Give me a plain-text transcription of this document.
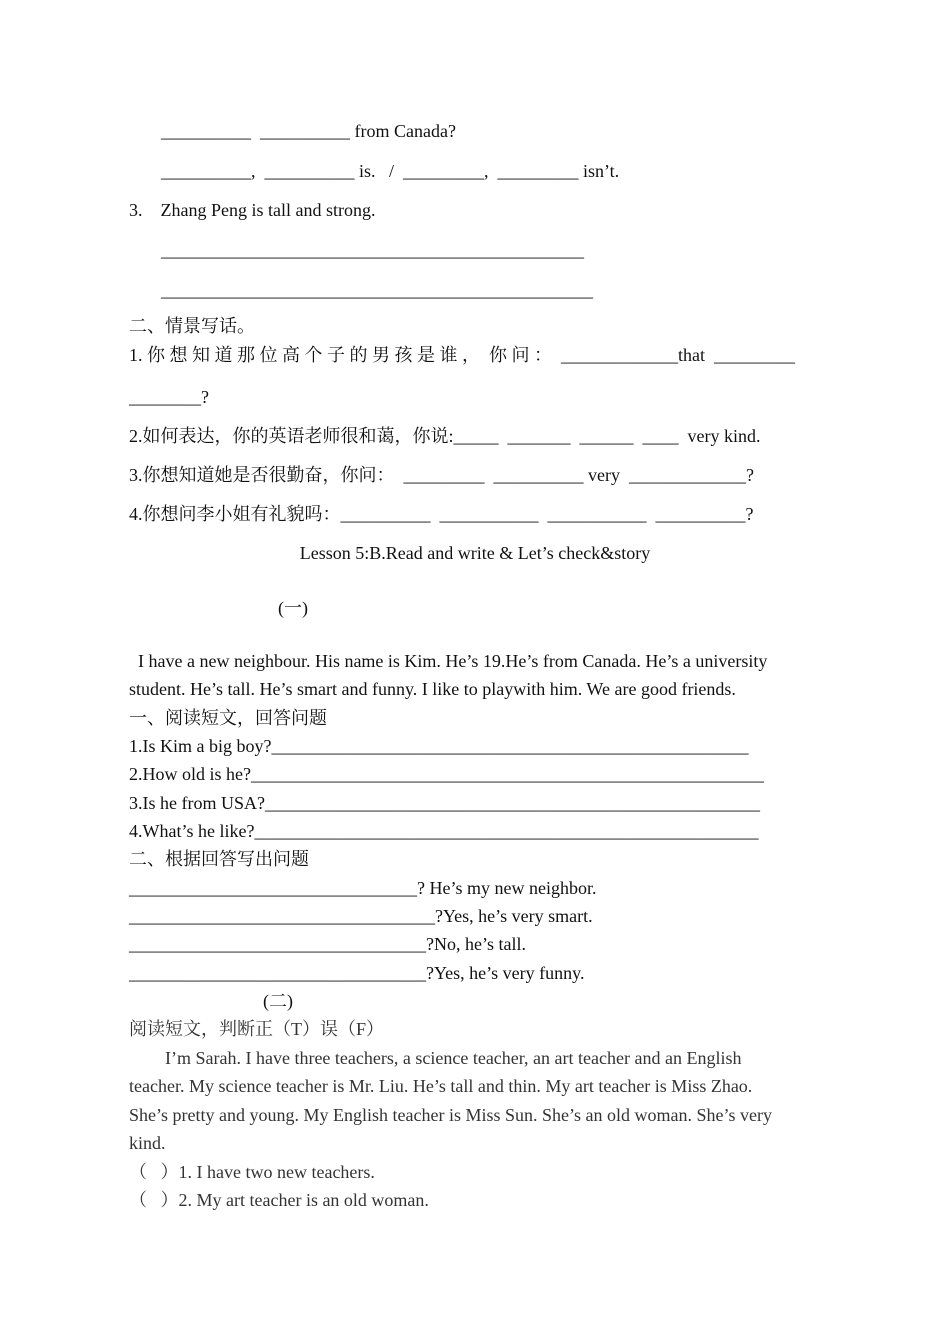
__________  __________ from Canada?
__________,  __________ is.   /  _________,  _________ isn’t.
3.    Zhang Peng is tall and strong.
_______________________________________________
________________________________________________
二、情景写话。
1. 你 想 知 道 那 位 高 个 子 的 男 孩 是 谁 ，  你 问 ：  _____________that  _________
________?
2.如何表达，你的英语老师很和蔼，你说:_____  _______  ______  ____  very kind.
3.你想知道她是否很勤奋，你问：  _________  __________ very  _____________?
4.你想问李小姐有礼貌吗：__________  ___________  ___________  __________?
Lesson 5:B.Read and write & Let’s check&story
(一)
I have a new neighbour. His name is Kim. He’s 19.He’s from Canada. He’s a university
student. He’s tall. He’s smart and funny. I like to playwith him. We are good friends.
一、阅读短文，回答问题
1.Is Kim a big boy?_____________________________________________________
2.How old is he?_________________________________________________________
3.Is he from USA?_______________________________________________________
4.What’s he like?________________________________________________________
二、根据回答写出问题
________________________________? He’s my new neighbor.
__________________________________?Yes, he’s very smart.
_________________________________?No, he’s tall.
_________________________________?Yes, he’s very funny.
(二)
阅读短文，判断正（T）误（F）
I’m Sarah. I have three teachers, a science teacher, an art teacher and an English
teacher. My science teacher is Mr. Liu. He’s tall and thin. My art teacher is Miss Zhao.
She’s pretty and young. My English teacher is Miss Sun. She’s an old woman. She’s very
kind.
（   ）1. I have two new teachers.
（   ）2. My art teacher is an old woman.
